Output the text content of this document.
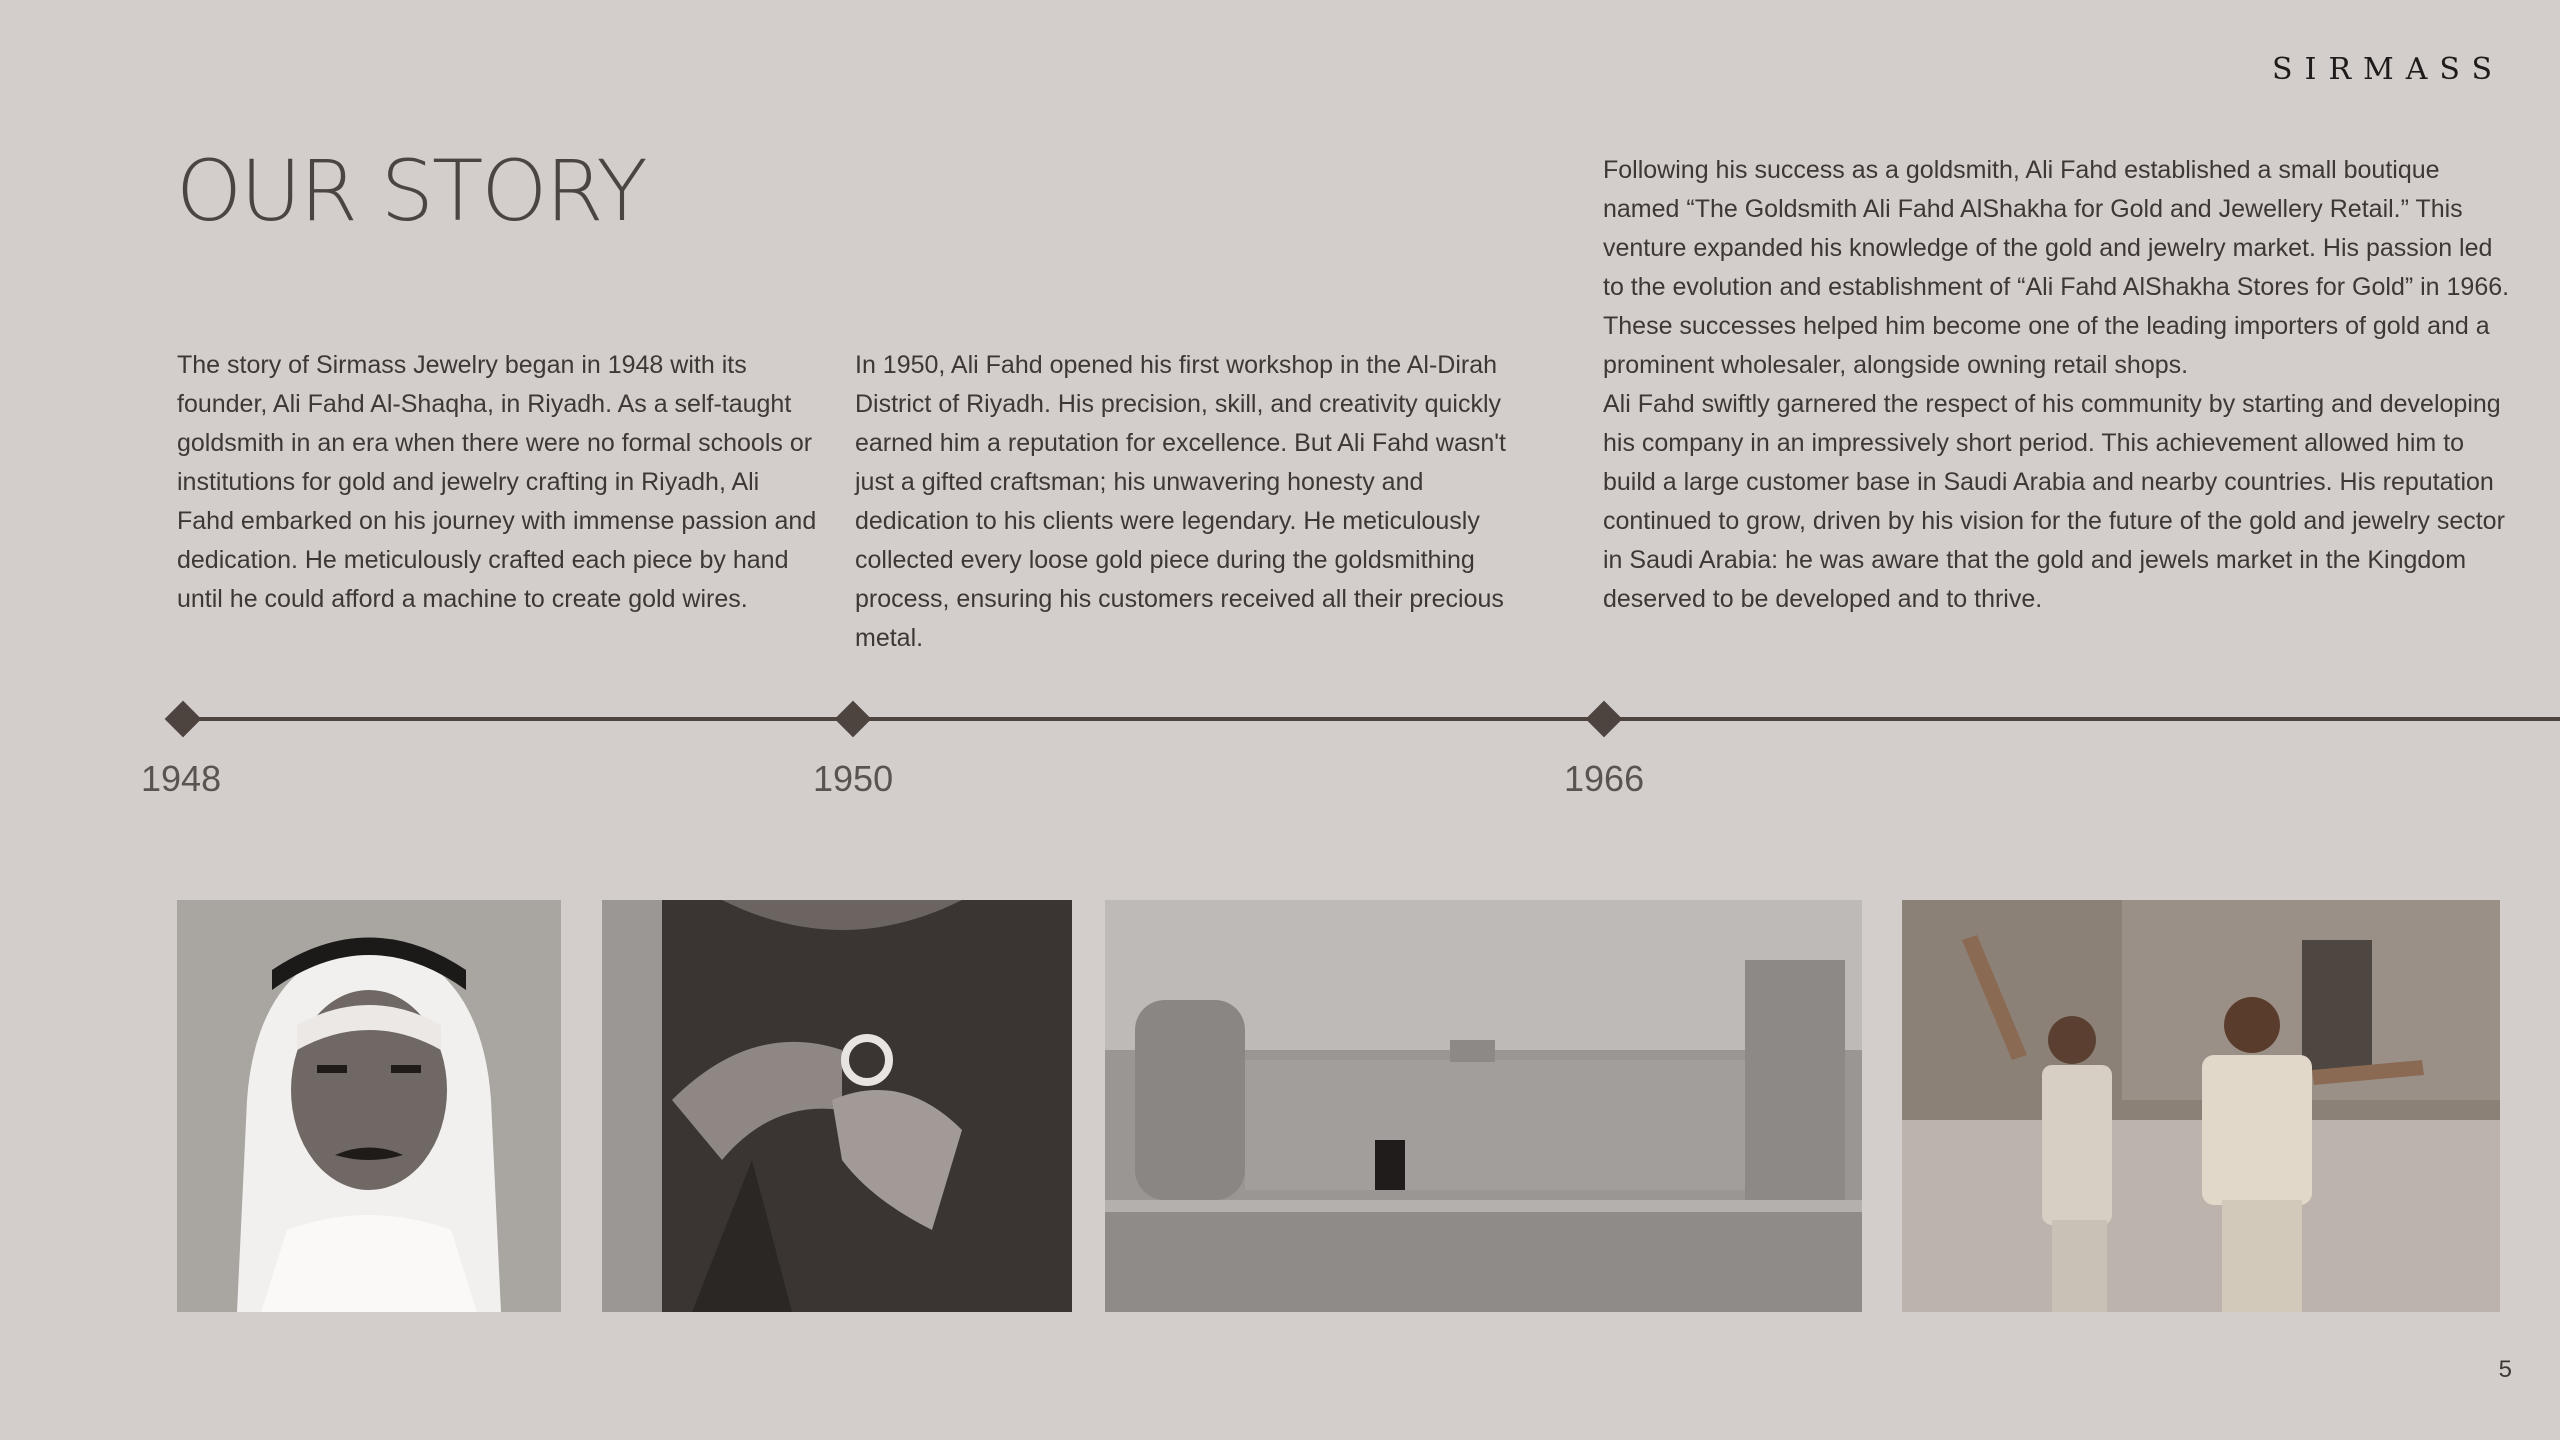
SIRMASS
OUR STORY

The story of Sirmass Jewelry began in 1948 with its founder, Ali Fahd Al-Shaqha, in Riyadh. As a self-taught goldsmith in an era when there were no formal schools or institutions for gold and jewelry crafting in Riyadh, Ali Fahd embarked on his journey with immense passion and dedication. He meticulously crafted each piece by hand until he could afford a machine to create gold wires.

In 1950, Ali Fahd opened his first workshop in the Al-Dirah District of Riyadh. His precision, skill, and creativity quickly earned him a reputation for excellence. But Ali Fahd wasn't just a gifted craftsman; his unwavering honesty and dedication to his clients were legendary. He meticulously collected every loose gold piece during the goldsmithing process, ensuring his customers received all their precious metal.

Following his success as a goldsmith, Ali Fahd established a small boutique named “The Goldsmith Ali Fahd AlShakha for Gold and Jewellery Retail.” This venture expanded his knowledge of the gold and jewelry market. His passion led to the evolution and establishment of “Ali Fahd AlShakha Stores for Gold” in 1966. These successes helped him become one of the leading importers of gold and a prominent wholesaler, alongside owning retail shops.

Ali Fahd swiftly garnered the respect of his community by starting and developing his company in an impressively short period. This achievement allowed him to build a large customer base in Saudi Arabia and nearby countries. His reputation continued to grow, driven by his vision for the future of the gold and jewelry sector in Saudi Arabia: he was aware that the gold and jewels market in the Kingdom deserved to be developed and to thrive.

1948	1950	1966
5
